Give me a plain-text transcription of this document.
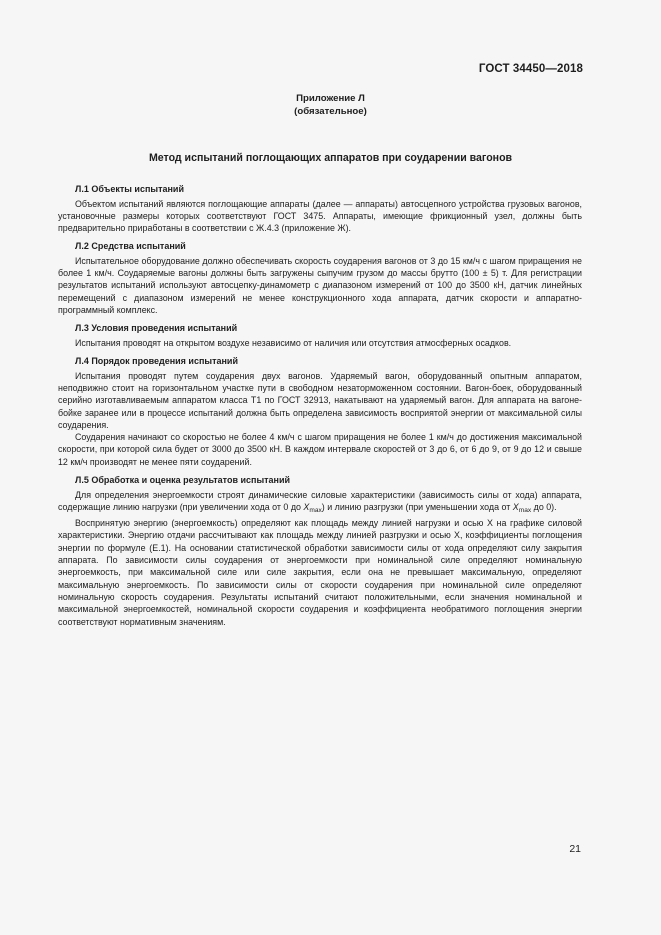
ГОСТ 34450—2018
Приложение Л
(обязательное)
Метод испытаний поглощающих аппаратов при соударении вагонов
Л.1 Объекты испытаний

Объектом испытаний являются поглощающие аппараты (далее — аппараты) автосцепного устройства грузовых вагонов, установочные размеры которых соответствуют ГОСТ 3475. Аппараты, имеющие фрикционный узел, должны быть предварительно приработаны в соответствии с Ж.4.3 (приложение Ж).

Л.2 Средства испытаний

Испытательное оборудование должно обеспечивать скорость соударения вагонов от 3 до 15 км/ч с шагом приращения не более 1 км/ч. Соударяемые вагоны должны быть загружены сыпучим грузом до массы брутто (100 ± 5) т. Для регистрации результатов испытаний используют автосцепку-динамометр с диапазоном измерений от 100 до 3500 кН, датчик линейных перемещений с диапазоном измерений не менее конструкционного хода аппарата, датчик скорости и аппаратно-программный комплекс.

Л.3 Условия проведения испытаний

Испытания проводят на открытом воздухе независимо от наличия или отсутствия атмосферных осадков.

Л.4 Порядок проведения испытаний

Испытания проводят путем соударения двух вагонов. Ударяемый вагон, оборудованный опытным аппаратом, неподвижно стоит на горизонтальном участке пути в свободном незаторможенном состоянии. Вагон-боек, оборудованный серийно изготавливаемым аппаратом класса Т1 по ГОСТ 32913, накатывают на ударяемый вагон. Для аппарата на вагоне-бойке заранее или в процессе испытаний должна быть определена зависимость восприятой энергии от максимальной силы соударения.

Соударения начинают со скоростью не более 4 км/ч с шагом приращения не более 1 км/ч до достижения максимальной скорости, при которой сила будет от 3000 до 3500 кН. В каждом интервале скоростей от 3 до 6, от 6 до 9, от 9 до 12 и свыше 12 км/ч производят не менее пяти соударений.

Л.5 Обработка и оценка результатов испытаний

Для определения энергоемкости строят динамические силовые характеристики (зависимость силы от хода) аппарата, содержащие линию нагрузки (при увеличении хода от 0 до $X_{max}$) и линию разгрузки (при уменьшении хода от $X_{max}$ до 0).

Воспринятую энергию (энергоемкость) определяют как площадь между линией нагрузки и осью X на графике силовой характеристики. Энергию отдачи рассчитывают как площадь между линией разгрузки и осью X, коэффициенты поглощения энергии по формуле (Е.1). На основании статистической обработки зависимости силы от хода определяют силу закрытия аппарата. По зависимости силы соударения от энергоемкости при номинальной силе определяют номинальную энергоемкость, при максимальной силе или силе закрытия, если она не превышает максимальную, определяют максимальную энергоемкость. По зависимости силы от скорости соударения при номинальной силе определяют номинальную скорость соударения. Результаты испытаний считают положительными, если значения номинальной и максимальной энергоемкостей, номинальной скорости соударения и коэффициента необратимого поглощения энергии соответствуют нормативным значениям.

21
